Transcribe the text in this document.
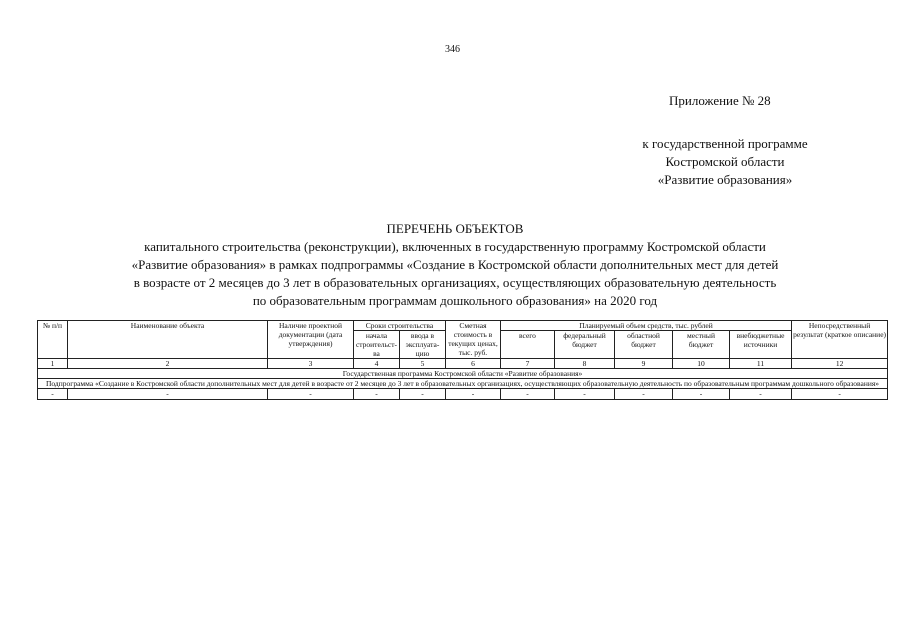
346
Приложение № 28
к государственной программе
Костромской области
«Развитие образования»
ПЕРЕЧЕНЬ ОБЪЕКТОВ
капитального строительства (реконструкции), включенных в государственную программу Костромской области
«Развитие образования» в рамках подпрограммы «Создание в Костромской области дополнительных мест для детей
в возрасте от 2 месяцев до 3 лет в образовательных организациях, осуществляющих образовательную деятельность
по образовательным программам дошкольного образования» на 2020 год
№ п/п	Наименование объекта	Наличие проектной документации (дата утверждения)	Сроки строительства		Сметная стоимость в текущих ценах, тыс. руб.	Планируемый объем средств, тыс. рублей					Непосредственный результат (краткое описание)
			начала строительст-ва	ввода в эксплуата-цию		всего	федеральный бюджет	областной бюджет	местный бюджет	внебюджетные источники	
1	2	3	4	5	6	7	8	9	10	11	12
Государственная программа Костромской области «Развитие образования»											
Подпрограмма «Создание в Костромской области дополнительных мест для детей в возрасте от 2 месяцев до 3 лет в образовательных организациях, осуществляющих образовательную деятельность по образовательным программам дошкольного образования»											
-	-	-	-	-	-	-	-	-	-	-	-
